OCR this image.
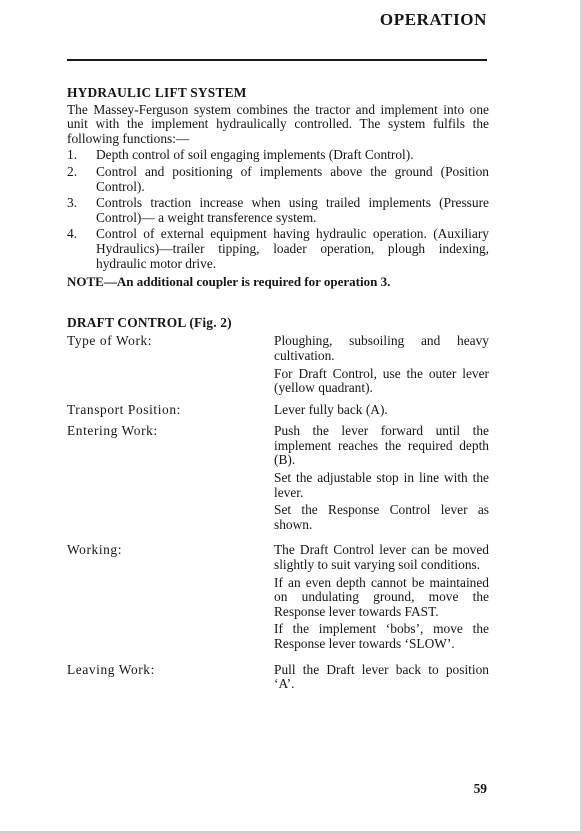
OPERATION
HYDRAULIC LIFT SYSTEM

The Massey-Ferguson system combines the tractor and implement into one unit with the implement hydraulically controlled. The system fulfils the following functions:—

1.	Depth control of soil engaging implements (Draft Control).
2.	Control and positioning of implements above the ground (Position Control).
3.	Controls traction increase when using trailed implements (Pressure Control)— a weight transference system.
4.	Control of external equipment having hydraulic operation. (Auxiliary Hydraulics)—trailer tipping, loader operation, plough indexing, hydraulic motor drive.
NOTE—An additional coupler is required for operation 3.
DRAFT CONTROL (Fig. 2)
Type of Work:	Ploughing, subsoiling and heavy cultivation.

For Draft Control, use the outer lever (yellow quadrant).

Transport Position:	Lever fully back (A).

Entering Work:	Push the lever forward until the implement reaches the required depth (B).

Set the adjustable stop in line with the lever.

Set the Response Control lever as shown.

Working:	The Draft Control lever can be moved slightly to suit varying soil conditions.

If an even depth cannot be maintained on undulating ground, move the Response lever towards FAST.

If the implement ‘bobs’, move the Response lever towards ‘SLOW’.

Leaving Work:	Pull the Draft lever back to position ‘A’.

59
